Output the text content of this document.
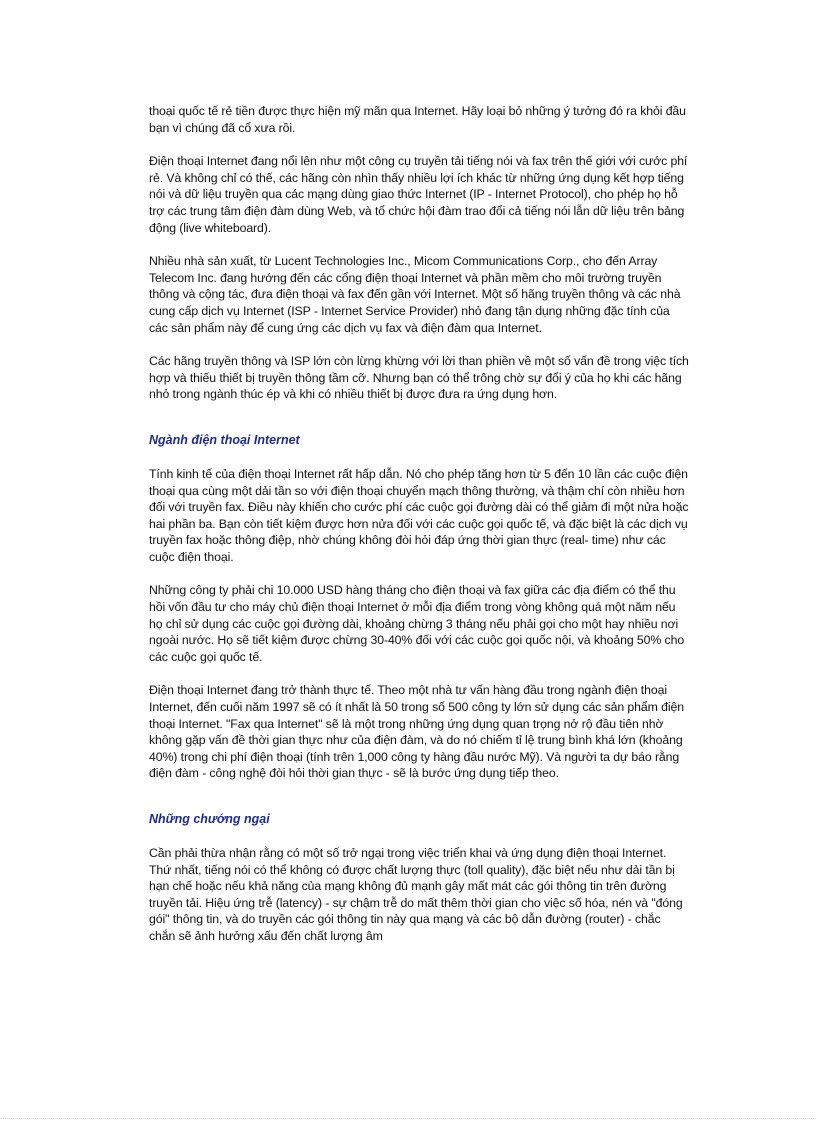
thoại quốc tế rẻ tiền được thực hiện mỹ mãn qua Internet. Hãy loại bỏ những ý tưởng đó ra khỏi đầu bạn vì chúng đã cổ xưa rồi.

Điện thoại Internet đang nổi lên như một công cụ truyền tải tiếng nói và fax trên thế giới với cước phí rẻ. Và không chỉ có thế, các hãng còn nhìn thấy nhiều lợi ích khác từ những ứng dụng kết hợp tiếng nói và dữ liệu truyền qua các mạng dùng giao thức Internet (IP - Internet Protocol), cho phép họ hỗ trợ các trung tâm điện đàm dùng Web, và tổ chức hội đàm trao đổi cả tiếng nói lẫn dữ liệu trên bảng động (live whiteboard).

Nhiều nhà sản xuất, từ Lucent Technologies Inc., Micom Communications Corp., cho đến Array Telecom Inc. đang hướng đến các cổng điện thoại Internet và phần mềm cho môi trường truyền thông và cộng tác, đưa điện thoại và fax đến gần với Internet. Một số hãng truyền thông và các nhà cung cấp dịch vụ Internet (ISP - Internet Service Provider) nhỏ đang tận dụng những đặc tính của các sản phẩm này để cung ứng các dịch vụ fax và điện đàm qua Internet.

Các hãng truyền thông và ISP lớn còn lừng khừng với lời than phiền về một số vấn đề trong việc tích hợp và thiếu thiết bị truyền thông tầm cỡ. Nhưng bạn có thể trông chờ sự đổi ý của họ khi các hãng nhỏ trong ngành thúc ép và khi có nhiều thiết bị được đưa ra ứng dụng hơn.

Ngành điện thoại Internet

Tính kinh tế của điện thoại Internet rất hấp dẫn. Nó cho phép tăng hơn từ 5 đến 10 lần các cuộc điện thoại qua cùng một dải tần so với điện thoại chuyển mạch thông thường, và thậm chí còn nhiều hơn đối với truyền fax. Điều này khiến cho cước phí các cuộc gọi đường dài có thể giảm đi một nửa hoặc hai phần ba. Bạn còn tiết kiệm được hơn nửa đối với các cuộc gọi quốc tế, và đặc biệt là các dịch vụ truyền fax hoặc thông điệp, nhờ chúng không đòi hỏi đáp ứng thời gian thực (real- time) như các cuộc điện thoại.

Những công ty phải chi 10.000 USD hàng tháng cho điện thoại và fax giữa các địa điểm có thể thu hồi vốn đầu tư cho máy chủ điện thoại Internet ở mỗi địa điểm trong vòng không quá một năm nếu họ chỉ sử dụng các cuộc gọi đường dài, khoảng chừng 3 tháng nếu phải gọi cho một hay nhiều nơi ngoài nước. Họ sẽ tiết kiệm được chừng 30-40% đối với các cuộc gọi quốc nội, và khoảng 50% cho các cuộc gọi quốc tế.

Điện thoại Internet đang trở thành thực tế. Theo một nhà tư vấn hàng đầu trong ngành điện thoại Internet, đến cuối năm 1997 sẽ có ít nhất là 50 trong số 500 công ty lớn sử dụng các sản phẩm điện thoại Internet. "Fax qua Internet" sẽ là một trong những ứng dụng quan trọng nở rộ đầu tiên nhờ không gặp vấn đề thời gian thực như của điện đàm, và do nó chiếm tỉ lệ trung bình khá lớn (khoảng 40%) trong chi phí điện thoại (tính trên 1,000 công ty hàng đầu nước Mỹ). Và người ta dự báo rằng điện đàm - công nghệ đòi hỏi thời gian thực - sẽ là bước ứng dụng tiếp theo.

Những chướng ngại

Cần phải thừa nhận rằng có một số trở ngại trong việc triển khai và ứng dụng điện thoại Internet. Thứ nhất, tiếng nói có thể không có được chất lượng thực (toll quality), đặc biệt nếu như dải tần bị hạn chế hoặc nếu khả năng của mạng không đủ mạnh gây mất mát các gói thông tin trên đường truyền tải. Hiệu ứng trễ (latency) - sự chậm trễ do mất thêm thời gian cho việc số hóa, nén và "đóng gói" thông tin, và do truyền các gói thông tin này qua mạng và các bộ dẫn đường (router) - chắc chắn sẽ ảnh hưởng xấu đến chất lượng âm
